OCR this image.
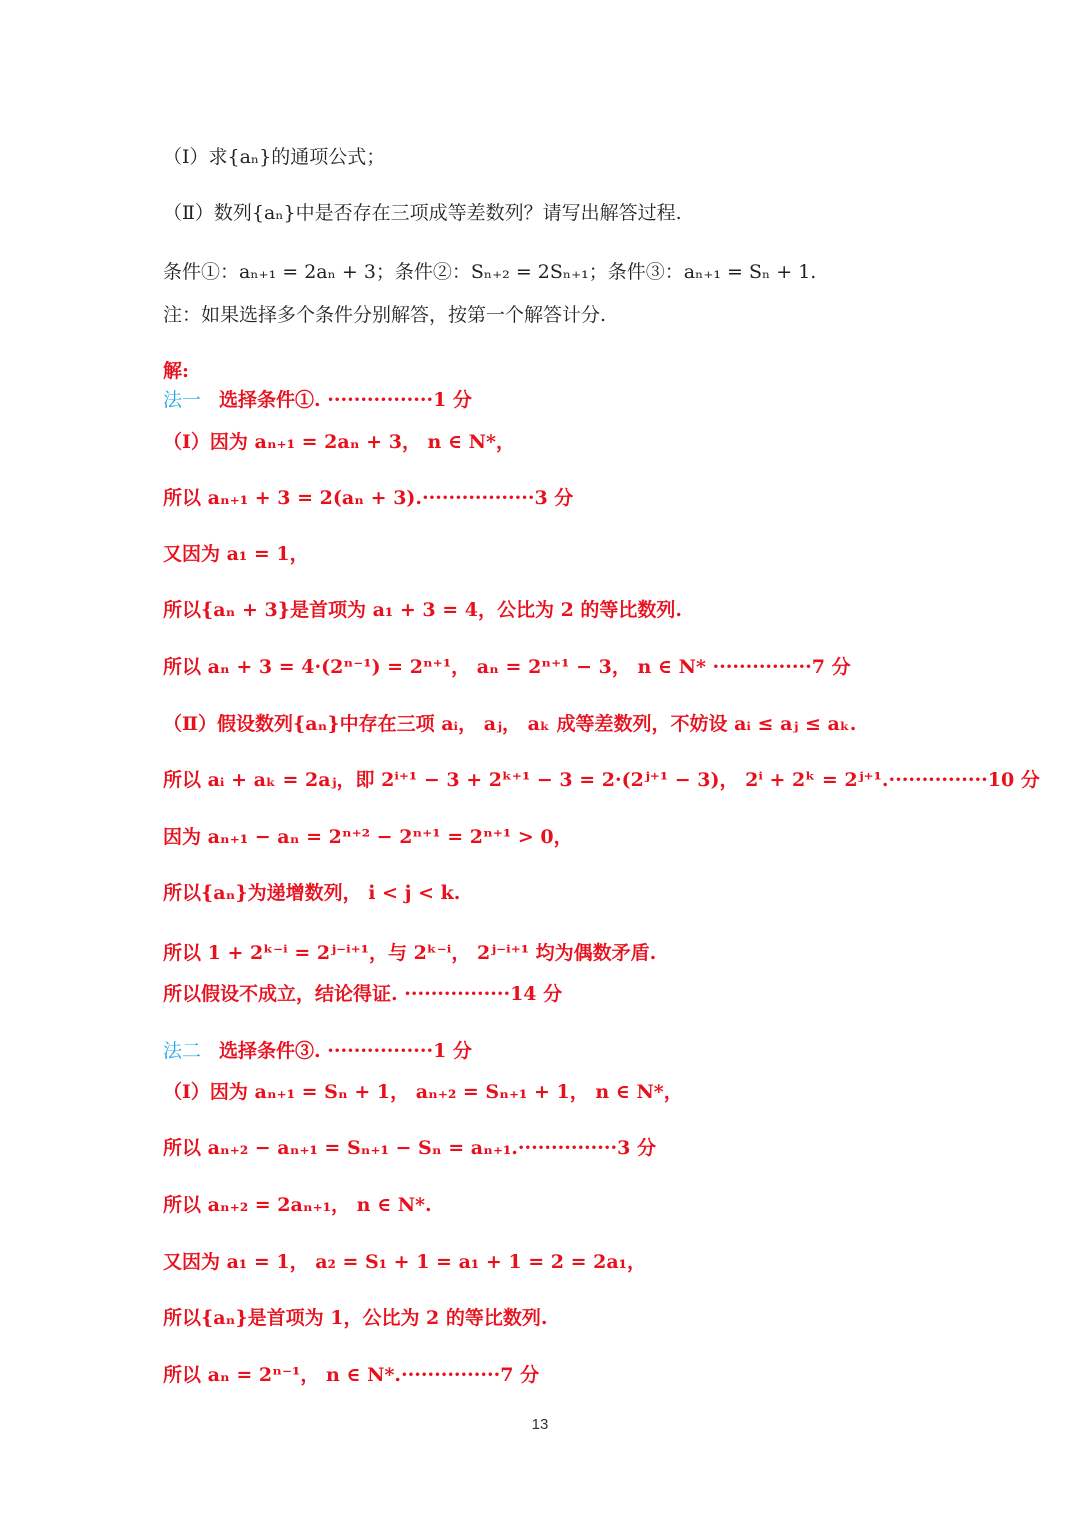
（Ⅰ）求{aₙ}的通项公式；
（Ⅱ）数列{aₙ}中是否存在三项成等差数列？请写出解答过程.
条件①：aₙ₊₁ = 2aₙ + 3；条件②：Sₙ₊₂ = 2Sₙ₊₁；条件③：aₙ₊₁ = Sₙ + 1.
注：如果选择多个条件分别解答，按第一个解答计分.
解:
法一 选择条件①. ················1 分
（Ⅰ）因为 aₙ₊₁ = 2aₙ + 3， n ∈ N*，
所以 aₙ₊₁ + 3 = 2(aₙ + 3).·················3 分
又因为 a₁ = 1，
所以{aₙ + 3}是首项为 a₁ + 3 = 4，公比为 2 的等比数列.
所以 aₙ + 3 = 4·(2ⁿ⁻¹) = 2ⁿ⁺¹， aₙ = 2ⁿ⁺¹ − 3， n ∈ N* ···············7 分
（Ⅱ）假设数列{aₙ}中存在三项 aᵢ， aⱼ， aₖ 成等差数列，不妨设 aᵢ ≤ aⱼ ≤ aₖ.
所以 aᵢ + aₖ = 2aⱼ，即 2ⁱ⁺¹ − 3 + 2ᵏ⁺¹ − 3 = 2·(2ʲ⁺¹ − 3)， 2ⁱ + 2ᵏ = 2ʲ⁺¹.···············10 分
因为 aₙ₊₁ − aₙ = 2ⁿ⁺² − 2ⁿ⁺¹ = 2ⁿ⁺¹ > 0，
所以{aₙ}为递增数列， i < j < k.
所以 1 + 2ᵏ⁻ⁱ = 2ʲ⁻ⁱ⁺¹，与 2ᵏ⁻ⁱ， 2ʲ⁻ⁱ⁺¹ 均为偶数矛盾.
所以假设不成立，结论得证. ················14 分
法二 选择条件③. ················1 分
（Ⅰ）因为 aₙ₊₁ = Sₙ + 1， aₙ₊₂ = Sₙ₊₁ + 1， n ∈ N*，
所以 aₙ₊₂ − aₙ₊₁ = Sₙ₊₁ − Sₙ = aₙ₊₁.···············3 分
所以 aₙ₊₂ = 2aₙ₊₁， n ∈ N*.
又因为 a₁ = 1， a₂ = S₁ + 1 = a₁ + 1 = 2 = 2a₁，
所以{aₙ}是首项为 1，公比为 2 的等比数列.
所以 aₙ = 2ⁿ⁻¹， n ∈ N*.···············7 分
13
